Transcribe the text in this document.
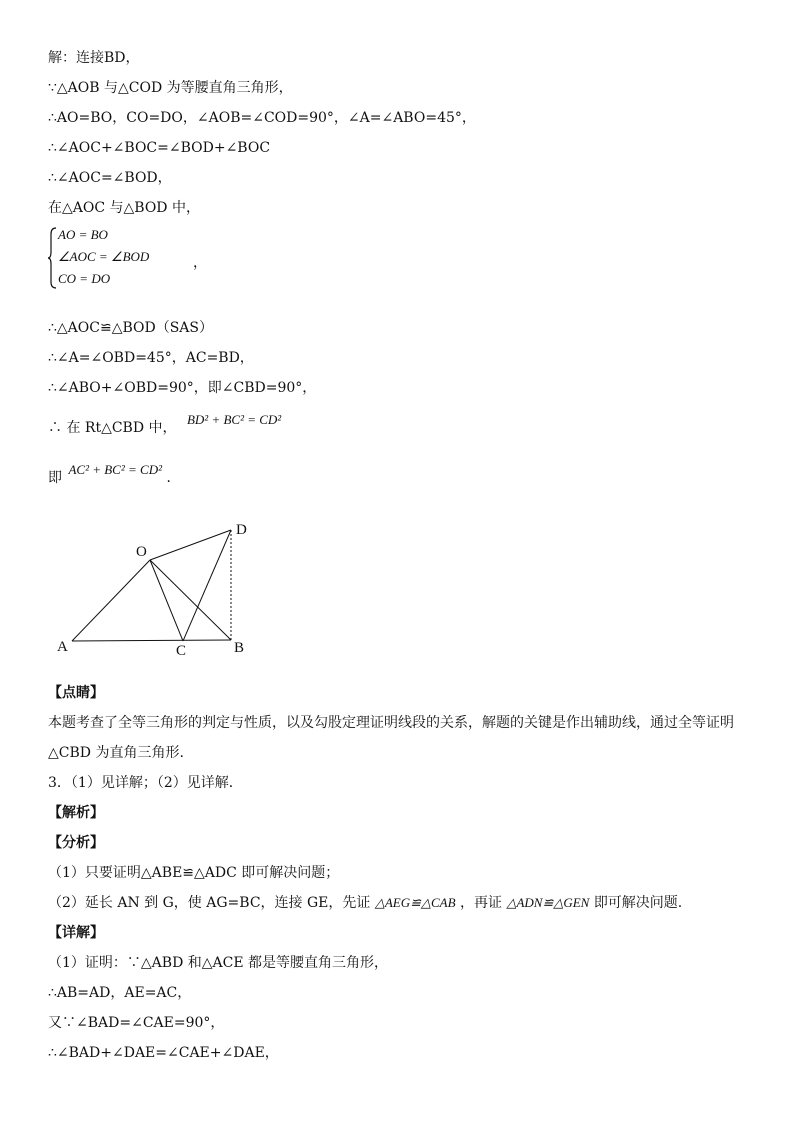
解：连接BD，
∵△AOB 与△COD 为等腰直角三角形，
∴AO=BO，CO=DO，∠AOB=∠COD=90°，∠A=∠ABO=45°，
∴∠AOC+∠BOC=∠BOD+∠BOC
∴∠AOC=∠BOD，
在△AOC 与△BOD 中，
AO = BO
∠AOC = ∠BOD
CO = DO
，
∴△AOC≌△BOD（SAS）
∴∠A=∠OBD=45°，AC=BD，
∴∠ABO+∠OBD=90°，即∠CBD=90°，
∴ 在 Rt△CBD 中， BD² + BC² = CD²
即 AC² + BC² = CD² ．
O
D
A	C	B
【点睛】
本题考查了全等三角形的判定与性质，以及勾股定理证明线段的关系，解题的关键是作出辅助线，通过全等证明
△CBD 为直角三角形.
3．（1）见详解；（2）见详解．
【解析】
【分析】
（1）只要证明△ABE≌△ADC 即可解决问题；
（2）延长 AN 到 G，使 AG=BC，连接 GE，先证 △AEG≌△CAB ，再证 △ADN≌△GEN 即可解决问题.
【详解】
（1）证明：∵△ABD 和△ACE 都是等腰直角三角形，
∴AB=AD，AE=AC，
又∵∠BAD=∠CAE=90°，
∴∠BAD+∠DAE=∠CAE+∠DAE，
